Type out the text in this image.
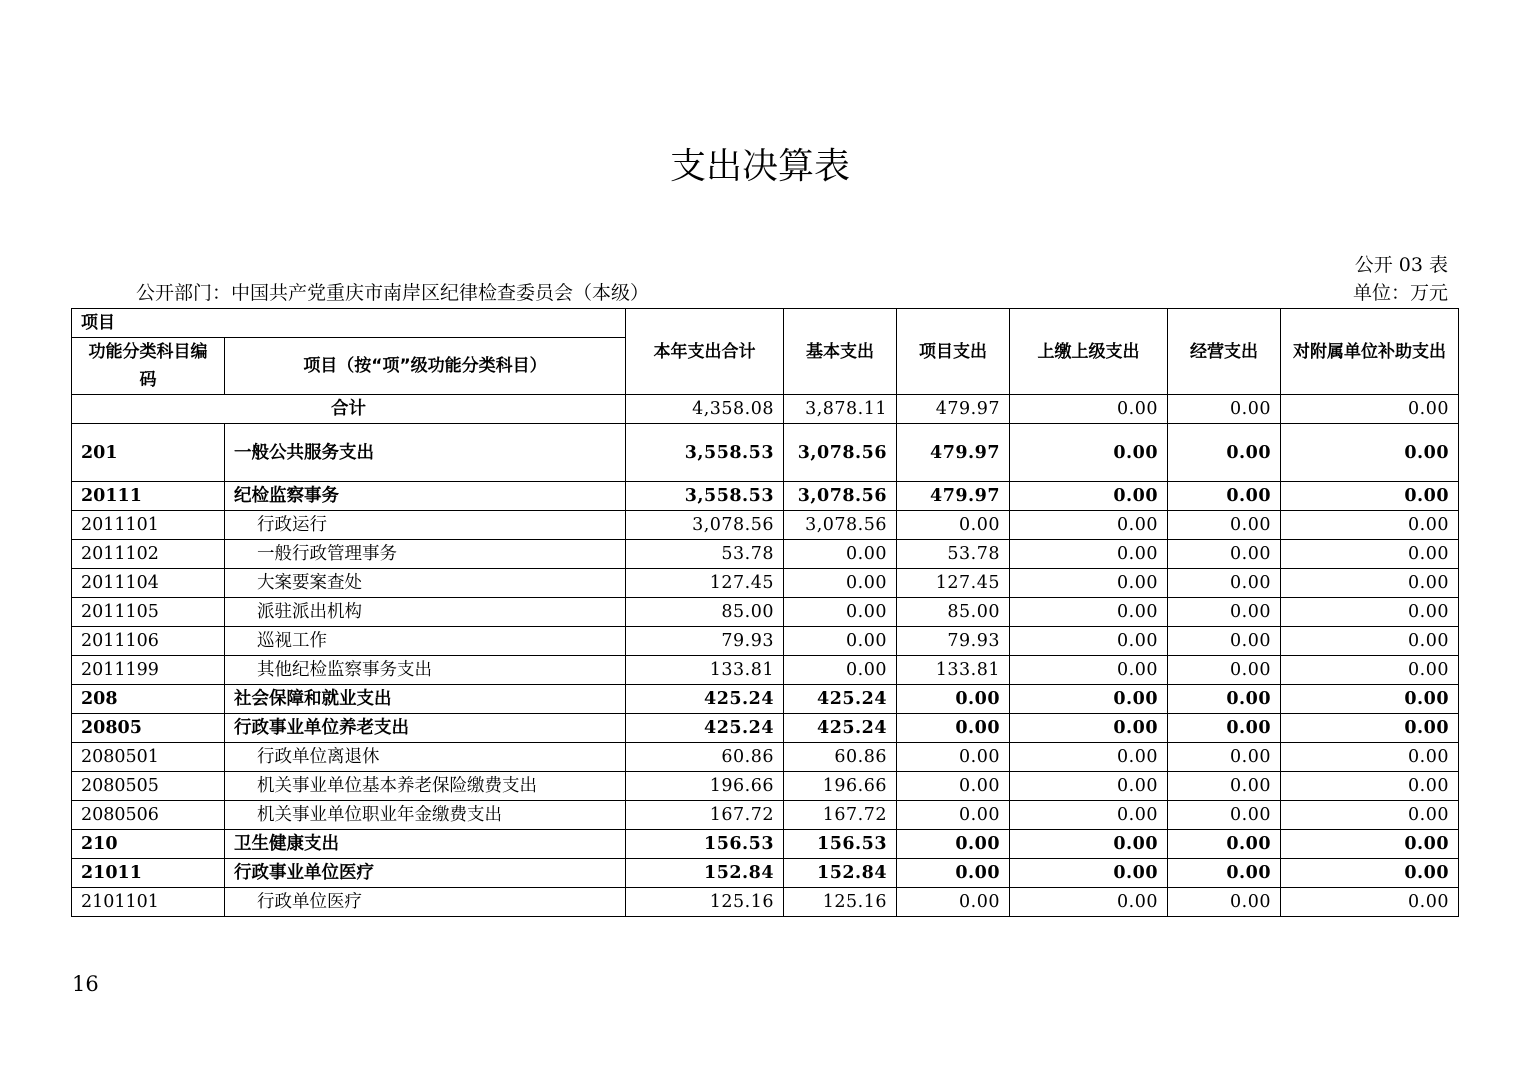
支出决算表
公开 03 表
公开部门：中国共产党重庆市南岸区纪律检查委员会（本级）	单位：万元
项目		本年支出合计	基本支出	项目支出	上缴上级支出	经营支出	对附属单位补助支出
功能分类科目编码	项目（按“项”级功能分类科目）						
合计		4,358.08	3,878.11	479.97	0.00	0.00	0.00
201	一般公共服务支出	3,558.53	3,078.56	479.97	0.00	0.00	0.00
20111	纪检监察事务	3,558.53	3,078.56	479.97	0.00	0.00	0.00
2011101	行政运行	3,078.56	3,078.56	0.00	0.00	0.00	0.00
2011102	一般行政管理事务	53.78	0.00	53.78	0.00	0.00	0.00
2011104	大案要案查处	127.45	0.00	127.45	0.00	0.00	0.00
2011105	派驻派出机构	85.00	0.00	85.00	0.00	0.00	0.00
2011106	巡视工作	79.93	0.00	79.93	0.00	0.00	0.00
2011199	其他纪检监察事务支出	133.81	0.00	133.81	0.00	0.00	0.00
208	社会保障和就业支出	425.24	425.24	0.00	0.00	0.00	0.00
20805	行政事业单位养老支出	425.24	425.24	0.00	0.00	0.00	0.00
2080501	行政单位离退休	60.86	60.86	0.00	0.00	0.00	0.00
2080505	机关事业单位基本养老保险缴费支出	196.66	196.66	0.00	0.00	0.00	0.00
2080506	机关事业单位职业年金缴费支出	167.72	167.72	0.00	0.00	0.00	0.00
210	卫生健康支出	156.53	156.53	0.00	0.00	0.00	0.00
21011	行政事业单位医疗	152.84	152.84	0.00	0.00	0.00	0.00
2101101	行政单位医疗	125.16	125.16	0.00	0.00	0.00	0.00
16
